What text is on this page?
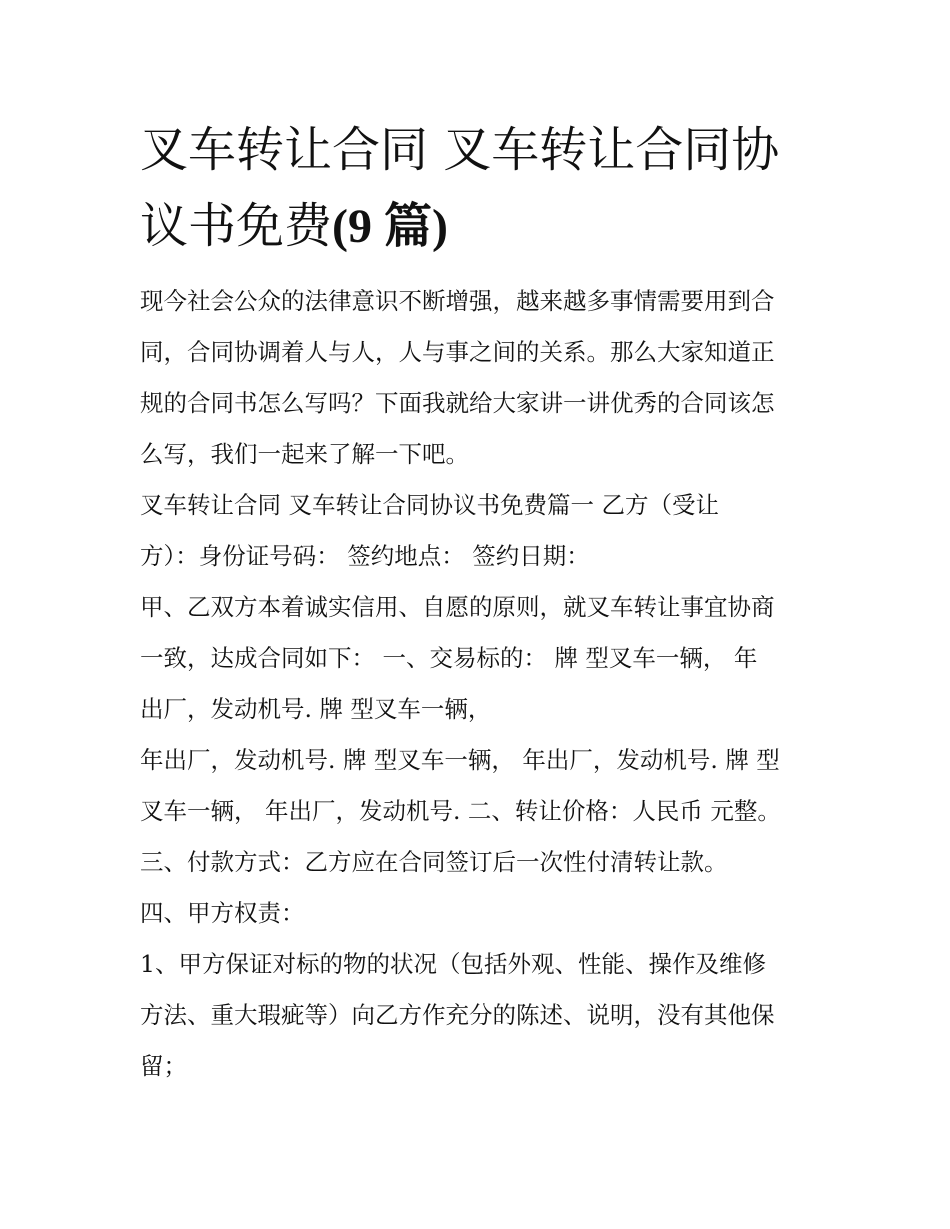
叉车转让合同 叉车转让合同协
议书免费(9 篇)

现今社会公众的法律意识不断增强，越来越多事情需要用到合

同，合同协调着人与人，人与事之间的关系。那么大家知道正

规的合同书怎么写吗？下面我就给大家讲一讲优秀的合同该怎

么写，我们一起来了解一下吧。

叉车转让合同 叉车转让合同协议书免费篇一 乙方（受让

方）：身份证号码： 签约地点： 签约日期：

甲、乙双方本着诚实信用、自愿的原则，就叉车转让事宜协商

一致，达成合同如下： 一、交易标的： 牌 型叉车一辆， 年

出厂，发动机号. 牌 型叉车一辆，

年出厂，发动机号. 牌 型叉车一辆， 年出厂，发动机号. 牌 型

叉车一辆， 年出厂，发动机号. 二、转让价格：人民币 元整。

三、付款方式：乙方应在合同签订后一次性付清转让款。

四、甲方权责：

1、甲方保证对标的物的状况（包括外观、性能、操作及维修

方法、重大瑕疵等）向乙方作充分的陈述、说明，没有其他保

留；
